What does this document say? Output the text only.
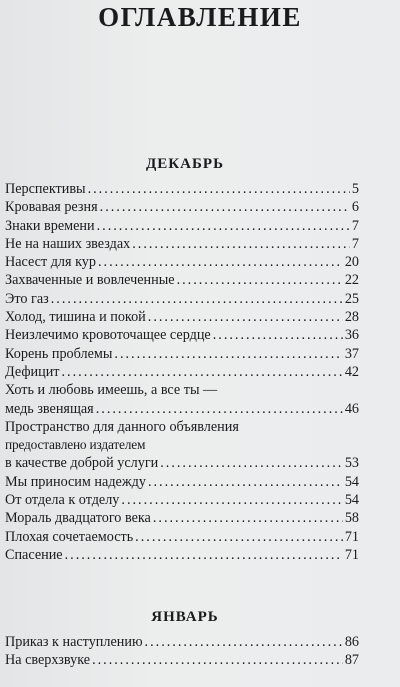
ОГЛАВЛЕНИЕ
ДЕКАБРЬ
Перспективы .....	5
Кровавая резня .....	6
Знаки времени .....	7
Не на наших звездах .....	7
Насест для кур .....	20
Захваченные и вовлеченные .....	22
Это газ .....	25
Холод, тишина и покой .....	28
Неизлечимо кровоточащее сердце .....	36
Корень проблемы .....	37
Дефицит .....	42
Хоть и любовь имеешь, а все ты —
медь звенящая .....	46
Пространство для данного объявления
предоставлено издателем
в качестве доброй услуги .....	53
Мы приносим надежду .....	54
От отдела к отделу .....	54
Мораль двадцатого века .....	58
Плохая сочетаемость .....	71
Спасение .....	71
ЯНВАРЬ
Приказ к наступлению .....	86
На сверхзвуке .....	87
